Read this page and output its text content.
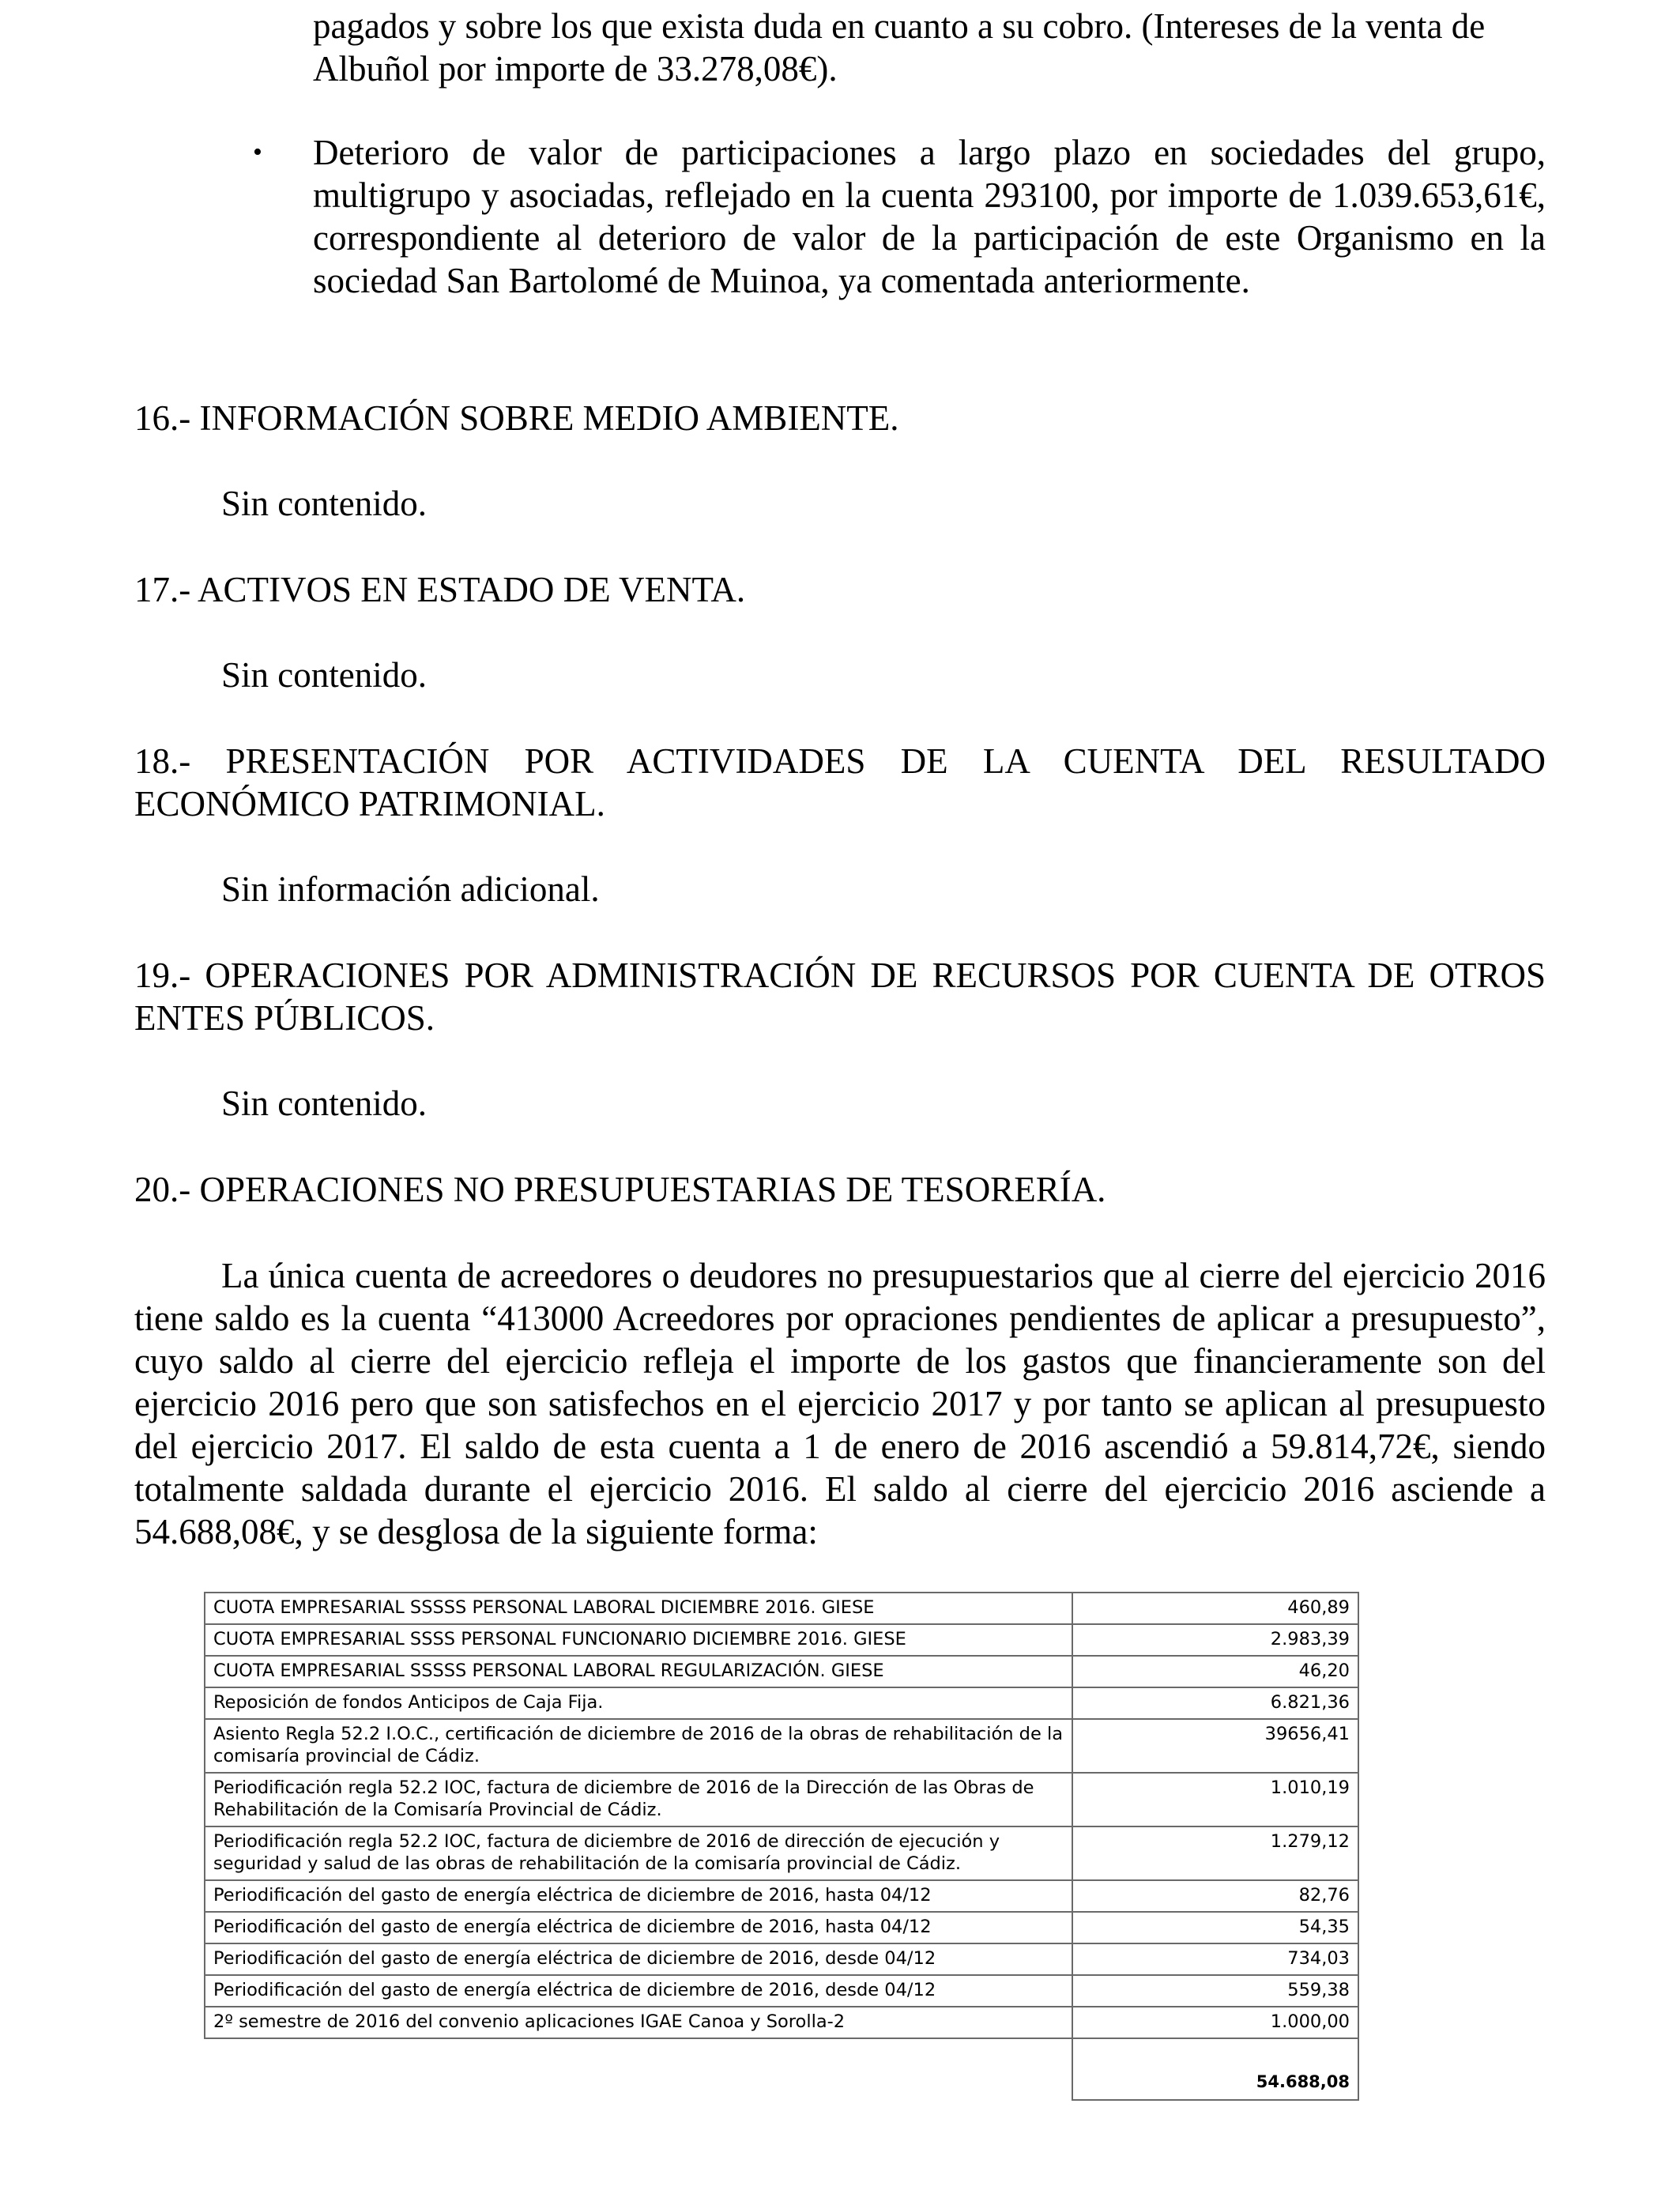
pagados y sobre los que exista duda en cuanto a su cobro. (Intereses de la venta de
Albuñol por importe de 33.278,08€).
• Deterioro de valor de participaciones a largo plazo en sociedades del grupo, multigrupo y asociadas, reflejado en la cuenta 293100, por importe de 1.039.653,61€, correspondiente al deterioro de valor de la participación de este Organismo en la sociedad San Bartolomé de Muinoa, ya comentada anteriormente.
16.- INFORMACIÓN SOBRE MEDIO AMBIENTE.
Sin contenido.
17.- ACTIVOS EN ESTADO DE VENTA.
Sin contenido.
18.- PRESENTACIÓN POR ACTIVIDADES DE LA CUENTA DEL RESULTADO ECONÓMICO PATRIMONIAL.
Sin información adicional.
19.- OPERACIONES POR ADMINISTRACIÓN DE RECURSOS POR CUENTA DE OTROS ENTES PÚBLICOS.
Sin contenido.
20.- OPERACIONES NO PRESUPUESTARIAS DE TESORERÍA.
La única cuenta de acreedores o deudores no presupuestarios que al cierre del ejercicio 2016 tiene saldo es la cuenta “413000 Acreedores por opraciones pendientes de aplicar a presupuesto”, cuyo saldo al cierre del ejercicio refleja el importe de los gastos que financieramente son del ejercicio 2016 pero que son satisfechos en el ejercicio 2017 y por tanto se aplican al presupuesto del ejercicio 2017. El saldo de esta cuenta a 1 de enero de 2016 ascendió a 59.814,72€, siendo totalmente saldada durante el ejercicio 2016. El saldo al cierre del ejercicio 2016 asciende a 54.688,08€, y se desglosa de la siguiente forma:
CUOTA EMPRESARIAL SSSSS PERSONAL LABORAL DICIEMBRE 2016. GIESE	460,89
CUOTA EMPRESARIAL SSSS PERSONAL FUNCIONARIO DICIEMBRE 2016. GIESE	2.983,39
CUOTA EMPRESARIAL SSSSS PERSONAL LABORAL REGULARIZACIÓN. GIESE	46,20
Reposición de fondos Anticipos de Caja Fija.	6.821,36
Asiento Regla 52.2 I.O.C., certificación de diciembre de 2016 de la obras de rehabilitación de la comisaría provincial de Cádiz.	39656,41
Periodificación regla 52.2 IOC, factura de diciembre de 2016 de la Dirección de las Obras de Rehabilitación de la Comisaría Provincial de Cádiz.	1.010,19
Periodificación regla 52.2 IOC, factura de diciembre de 2016 de dirección de ejecución y seguridad y salud de las obras de rehabilitación de la comisaría provincial de Cádiz.	1.279,12
Periodificación del gasto de energía eléctrica de diciembre de 2016, hasta 04/12	82,76
Periodificación del gasto de energía eléctrica de diciembre de 2016, hasta 04/12	54,35
Periodificación del gasto de energía eléctrica de diciembre de 2016, desde 04/12	734,03
Periodificación del gasto de energía eléctrica de diciembre de 2016, desde 04/12	559,38
2º semestre de 2016 del convenio aplicaciones IGAE Canoa y Sorolla-2	1.000,00
	54.688,08
